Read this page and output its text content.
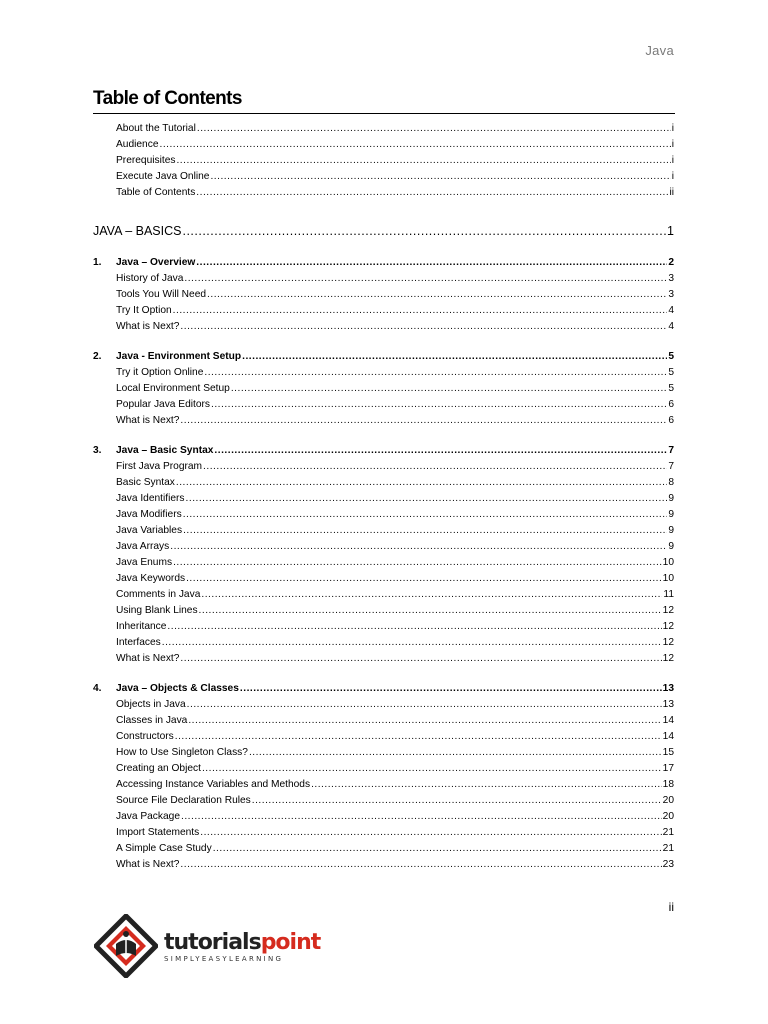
Java
Table of Contents
About the Tutorial .....	i
Audience .....	i
Prerequisites .....	i
Execute Java Online .....	i
Table of Contents .....	ii
JAVA – BASICS .....	1
1.	Java – Overview .....	2
History of Java .....	3
Tools You Will Need .....	3
Try It Option .....	4
What is Next? .....	4
2.	Java - Environment Setup .....	5
Try it Option Online .....	5
Local Environment Setup .....	5
Popular Java Editors .....	6
What is Next? .....	6
3.	Java – Basic Syntax .....	7
First Java Program .....	7
Basic Syntax .....	8
Java Identifiers .....	9
Java Modifiers .....	9
Java Variables .....	9
Java Arrays .....	9
Java Enums .....	10
Java Keywords .....	10
Comments in Java .....	11
Using Blank Lines .....	12
Inheritance .....	12
Interfaces .....	12
What is Next? .....	12
4.	Java – Objects & Classes .....	13
Objects in Java .....	13
Classes in Java .....	14
Constructors .....	14
How to Use Singleton Class? .....	15
Creating an Object .....	17
Accessing Instance Variables and Methods .....	18
Source File Declaration Rules .....	20
Java Package .....	20
Import Statements .....	21
A Simple Case Study .....	21
What is Next? .....	23
ii
tutorialspoint
SIMPLYEASYLEARNING
